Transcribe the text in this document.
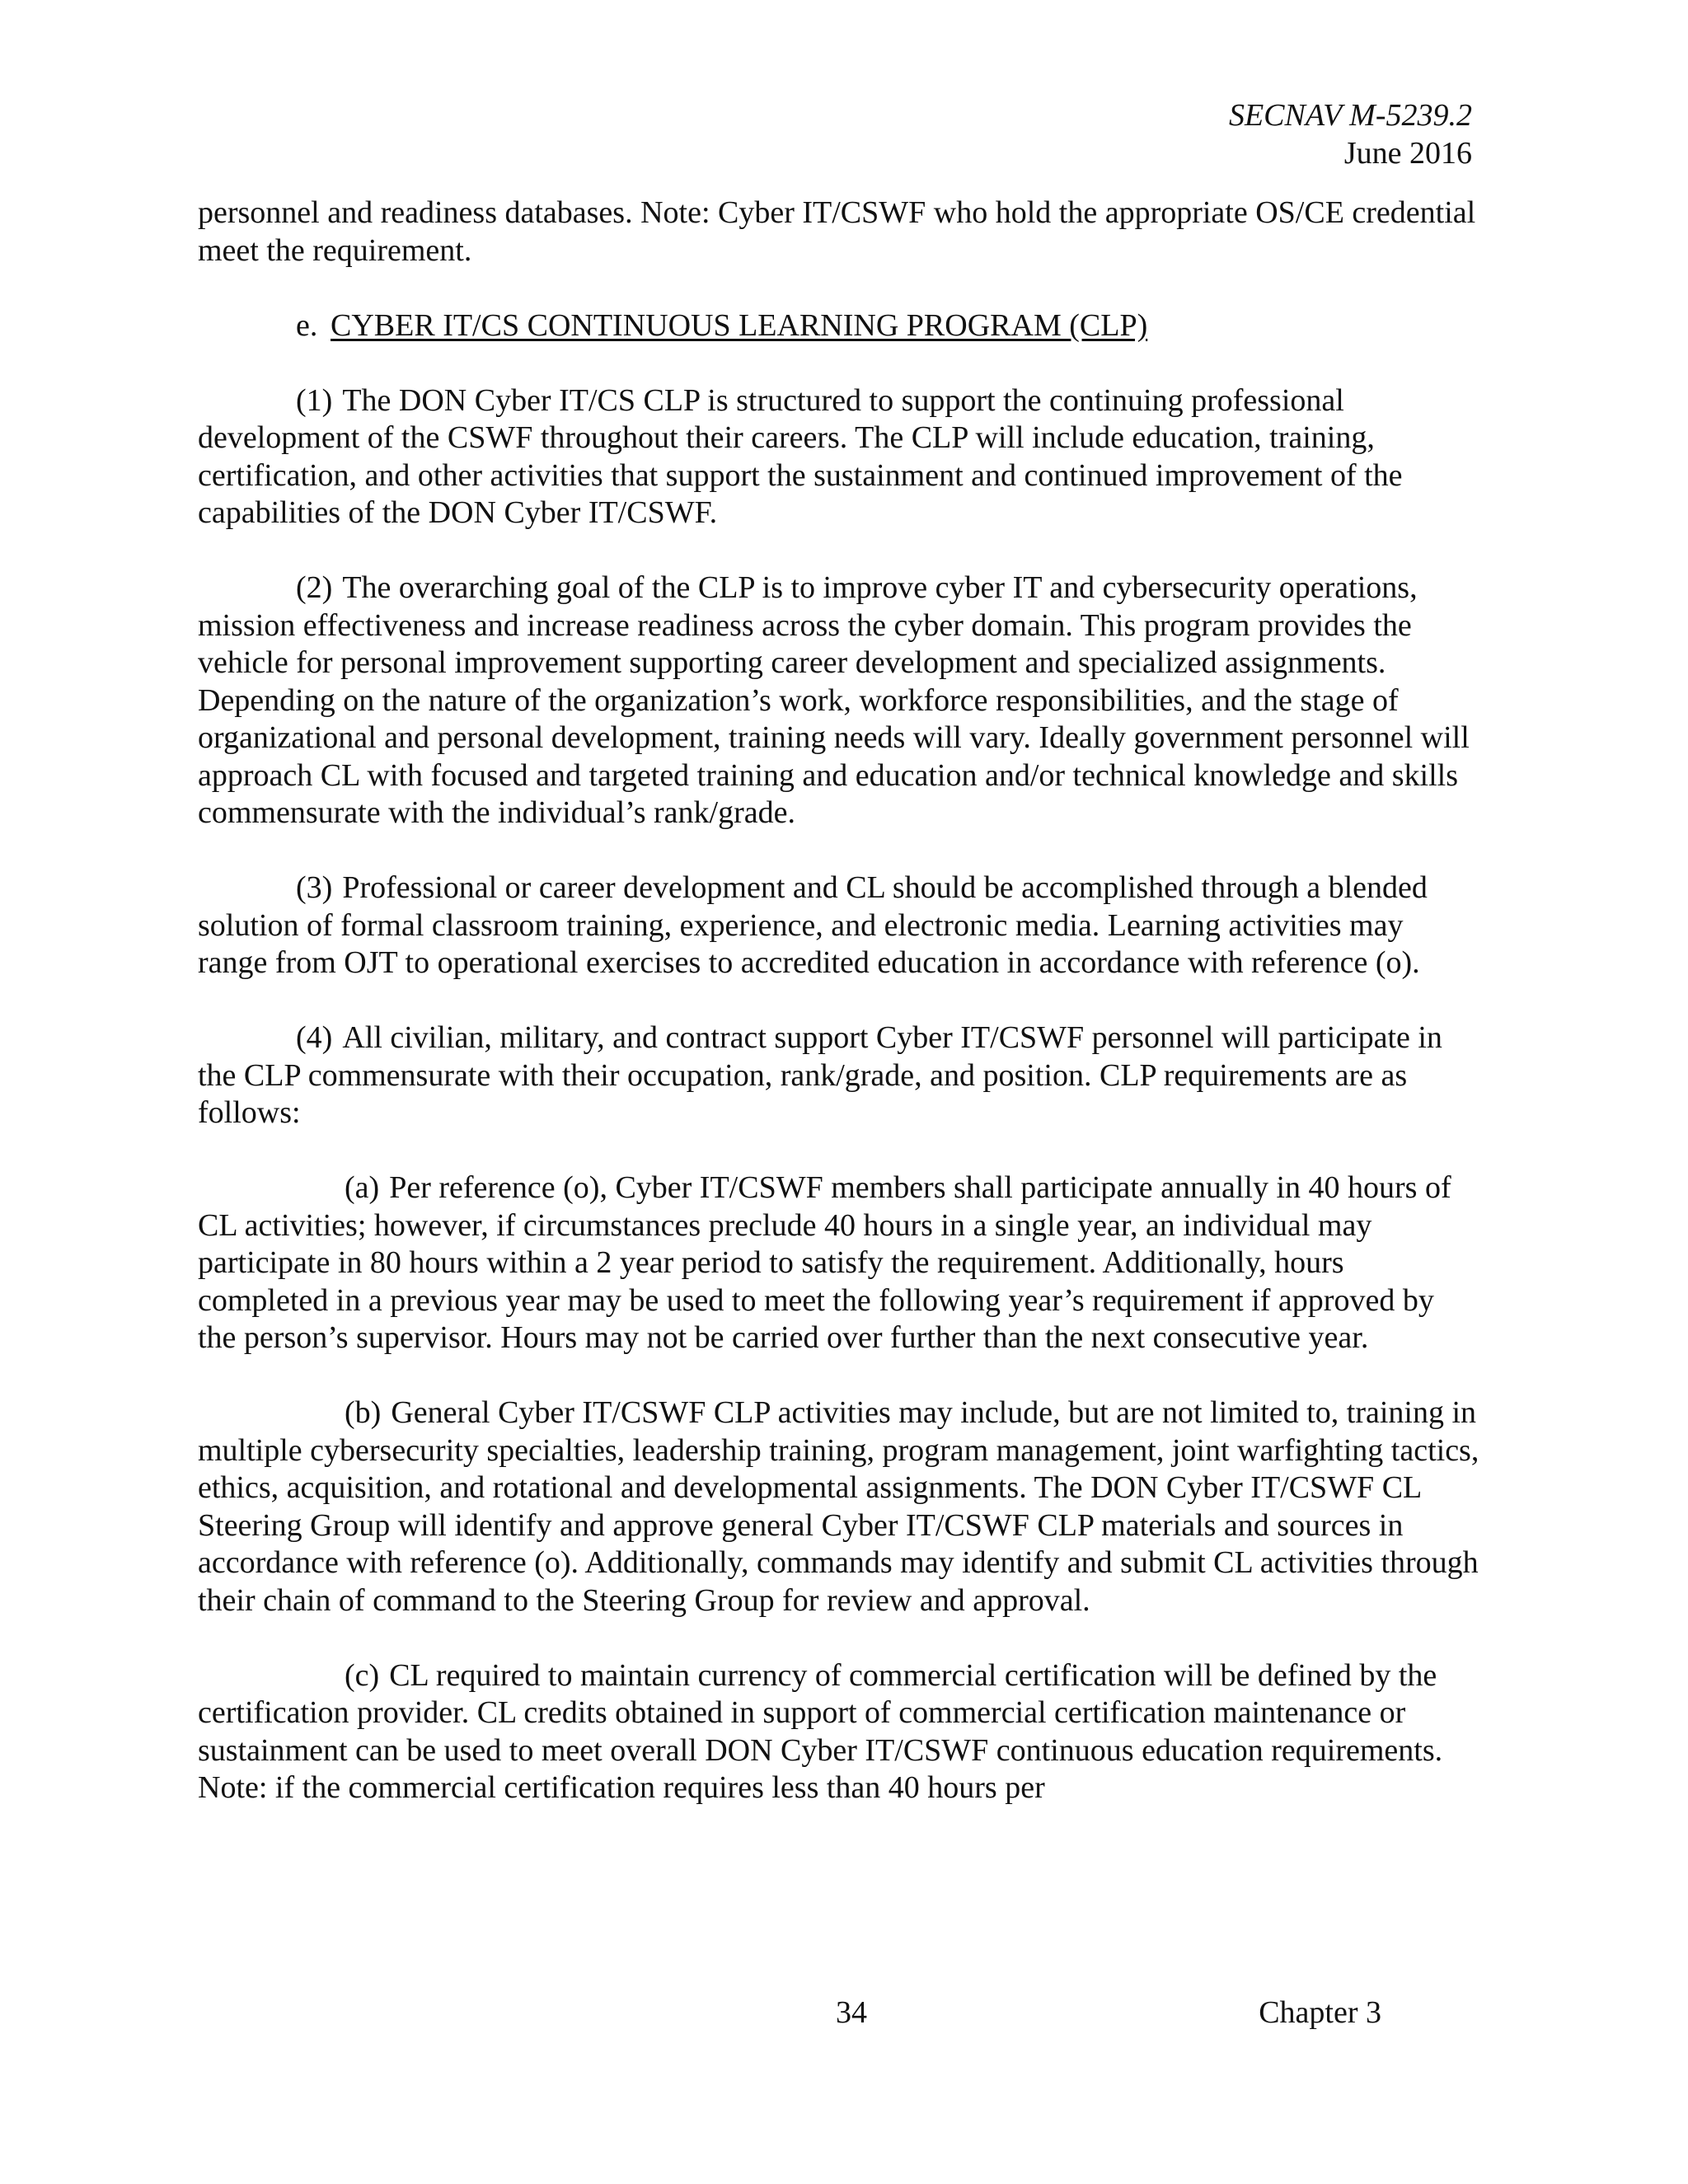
SECNAV M-5239.2
June 2016

personnel and readiness databases. Note: Cyber IT/CSWF who hold the appropriate OS/CE credential meet the requirement.

e. CYBER IT/CS CONTINUOUS LEARNING PROGRAM (CLP)

(1) The DON Cyber IT/CS CLP is structured to support the continuing professional development of the CSWF throughout their careers. The CLP will include education, training, certification, and other activities that support the sustainment and continued improvement of the capabilities of the DON Cyber IT/CSWF.

(2) The overarching goal of the CLP is to improve cyber IT and cybersecurity operations, mission effectiveness and increase readiness across the cyber domain. This program provides the vehicle for personal improvement supporting career development and specialized assignments. Depending on the nature of the organization’s work, workforce responsibilities, and the stage of organizational and personal development, training needs will vary. Ideally government personnel will approach CL with focused and targeted training and education and/or technical knowledge and skills commensurate with the individual’s rank/grade.

(3) Professional or career development and CL should be accomplished through a blended solution of formal classroom training, experience, and electronic media. Learning activities may range from OJT to operational exercises to accredited education in accordance with reference (o).

(4) All civilian, military, and contract support Cyber IT/CSWF personnel will participate in the CLP commensurate with their occupation, rank/grade, and position. CLP requirements are as follows:

(a) Per reference (o), Cyber IT/CSWF members shall participate annually in 40 hours of CL activities; however, if circumstances preclude 40 hours in a single year, an individual may participate in 80 hours within a 2 year period to satisfy the requirement. Additionally, hours completed in a previous year may be used to meet the following year’s requirement if approved by the person’s supervisor. Hours may not be carried over further than the next consecutive year.

(b) General Cyber IT/CSWF CLP activities may include, but are not limited to, training in multiple cybersecurity specialties, leadership training, program management, joint warfighting tactics, ethics, acquisition, and rotational and developmental assignments. The DON Cyber IT/CSWF CL Steering Group will identify and approve general Cyber IT/CSWF CLP materials and sources in accordance with reference (o). Additionally, commands may identify and submit CL activities through their chain of command to the Steering Group for review and approval.

(c) CL required to maintain currency of commercial certification will be defined by the certification provider. CL credits obtained in support of commercial certification maintenance or sustainment can be used to meet overall DON Cyber IT/CSWF continuous education requirements. Note: if the commercial certification requires less than 40 hours per

34	Chapter 3
